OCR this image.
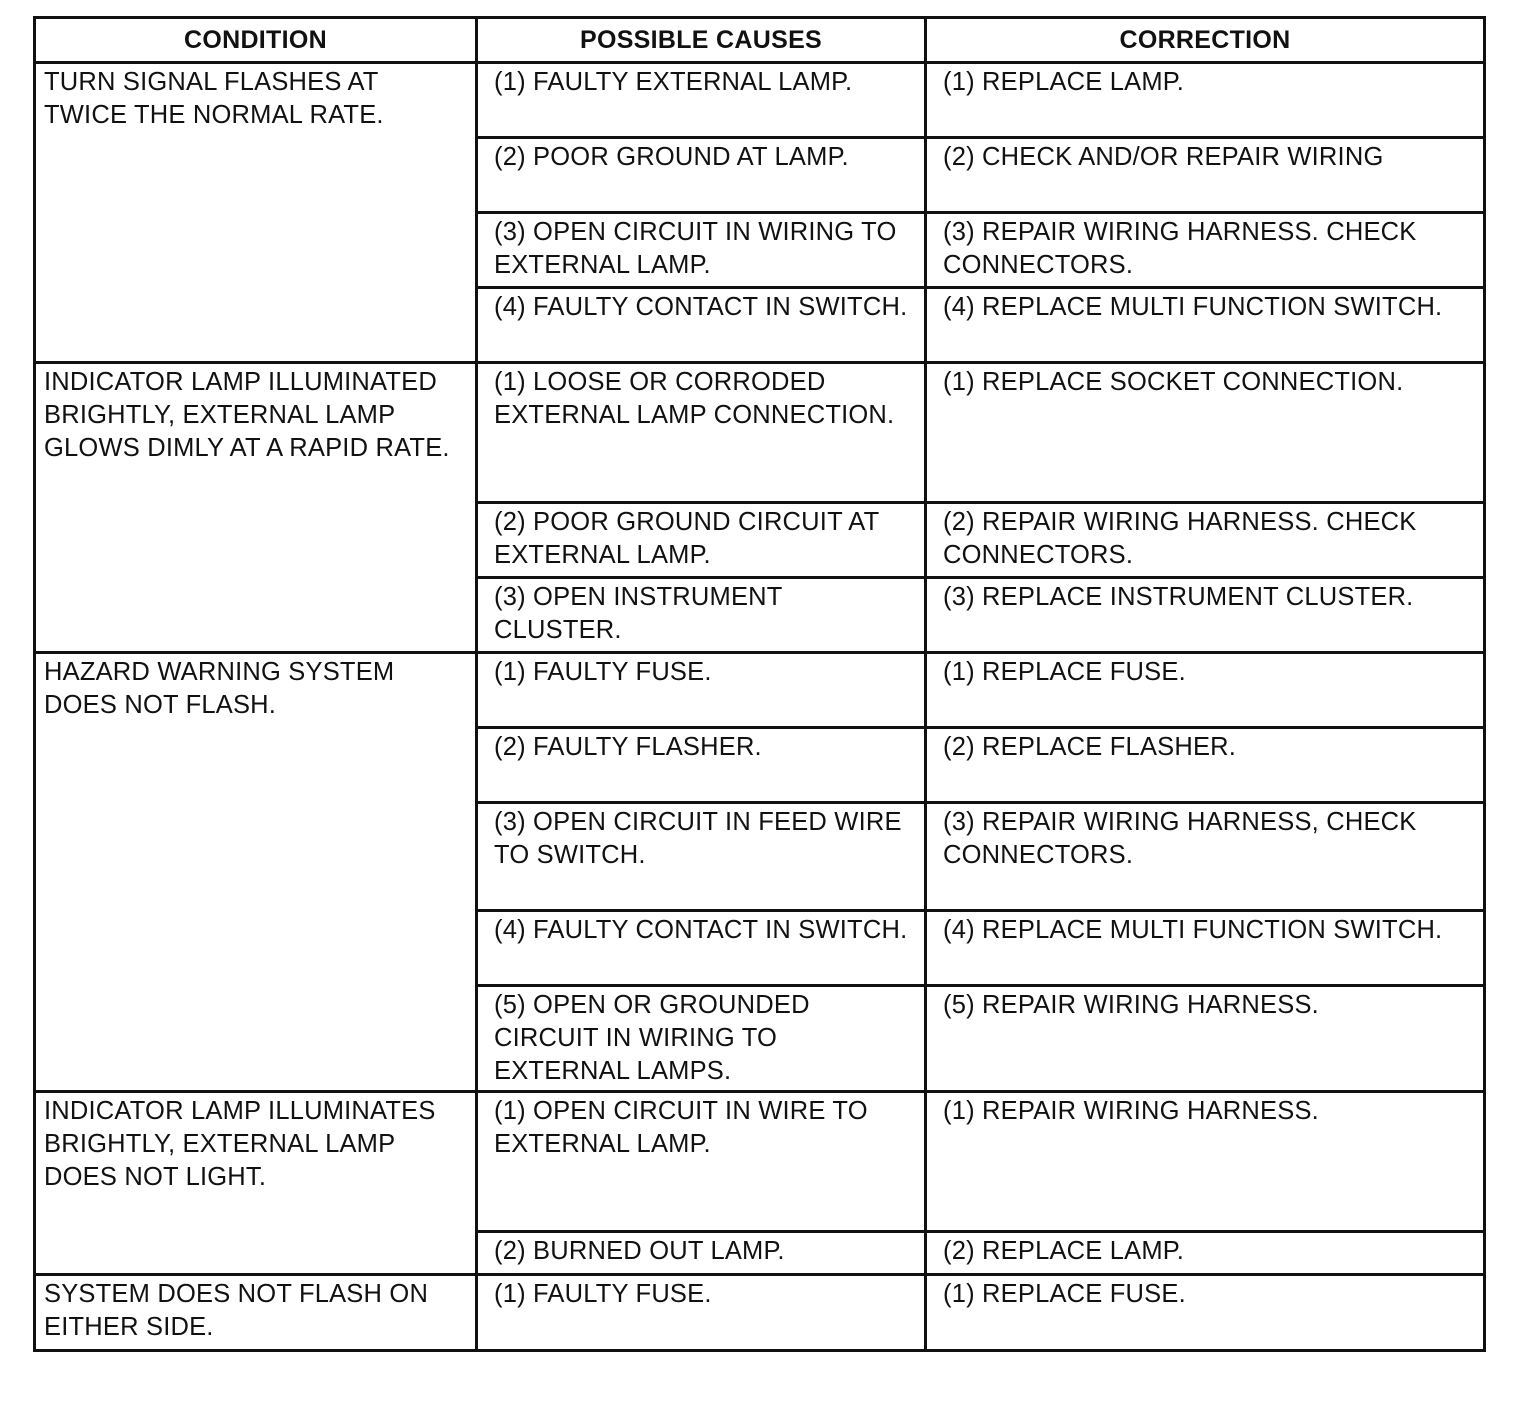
CONDITION	POSSIBLE CAUSES	CORRECTION
TURN SIGNAL FLASHES AT TWICE THE NORMAL RATE.	(1) FAULTY EXTERNAL LAMP.	(1) REPLACE LAMP.
	(2) POOR GROUND AT LAMP.	(2) CHECK AND/OR REPAIR WIRING
	(3) OPEN CIRCUIT IN WIRING TO EXTERNAL LAMP.	(3) REPAIR WIRING HARNESS. CHECK CONNECTORS.
	(4) FAULTY CONTACT IN SWITCH.	(4) REPLACE MULTI FUNCTION SWITCH.
INDICATOR LAMP ILLUMINATED BRIGHTLY, EXTERNAL LAMP GLOWS DIMLY AT A RAPID RATE.	(1) LOOSE OR CORRODED EXTERNAL LAMP CONNECTION.	(1) REPLACE SOCKET CONNECTION.
	(2) POOR GROUND CIRCUIT AT EXTERNAL LAMP.	(2) REPAIR WIRING HARNESS. CHECK CONNECTORS.
	(3) OPEN INSTRUMENT CLUSTER.	(3) REPLACE INSTRUMENT CLUSTER.
HAZARD WARNING SYSTEM DOES NOT FLASH.	(1) FAULTY FUSE.	(1) REPLACE FUSE.
	(2) FAULTY FLASHER.	(2) REPLACE FLASHER.
	(3) OPEN CIRCUIT IN FEED WIRE TO SWITCH.	(3) REPAIR WIRING HARNESS, CHECK CONNECTORS.
	(4) FAULTY CONTACT IN SWITCH.	(4) REPLACE MULTI FUNCTION SWITCH.
	(5) OPEN OR GROUNDED CIRCUIT IN WIRING TO EXTERNAL LAMPS.	(5) REPAIR WIRING HARNESS.
INDICATOR LAMP ILLUMINATES BRIGHTLY, EXTERNAL LAMP DOES NOT LIGHT.	(1) OPEN CIRCUIT IN WIRE TO EXTERNAL LAMP.	(1) REPAIR WIRING HARNESS.
	(2) BURNED OUT LAMP.	(2) REPLACE LAMP.
SYSTEM DOES NOT FLASH ON EITHER SIDE.	(1) FAULTY FUSE.	(1) REPLACE FUSE.
